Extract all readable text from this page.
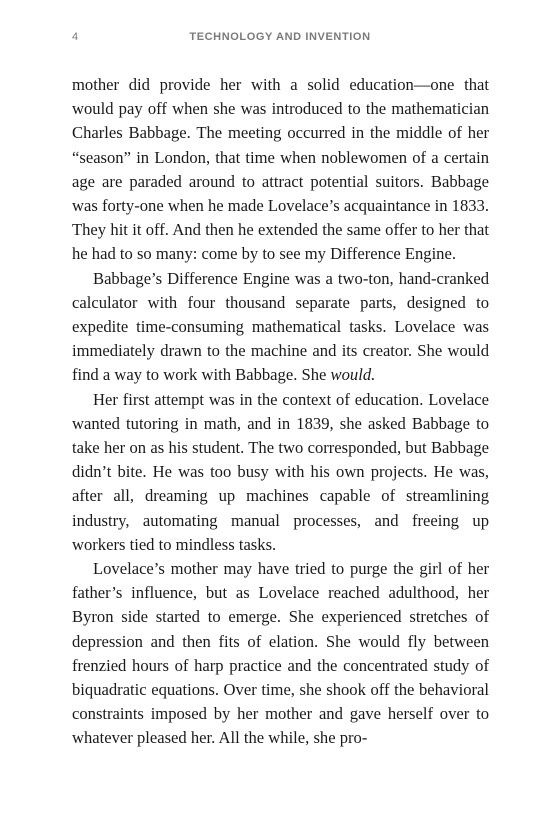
4	TECHNOLOGY AND INVENTION

mother did provide her with a solid education—one that would pay off when she was introduced to the mathematician Charles Babbage. The meeting occurred in the middle of her “season” in London, that time when noblewomen of a certain age are paraded around to attract potential suitors. Babbage was forty-one when he made Lovelace’s acquaintance in 1833. They hit it off. And then he extended the same offer to her that he had to so many: come by to see my Difference Engine.

Babbage’s Difference Engine was a two-ton, hand-cranked calculator with four thousand separate parts, designed to expedite time-consuming mathematical tasks. Lovelace was immediately drawn to the machine and its creator. She would find a way to work with Babbage. She would.

Her first attempt was in the context of education. Lovelace wanted tutoring in math, and in 1839, she asked Babbage to take her on as his student. The two corresponded, but Babbage didn’t bite. He was too busy with his own projects. He was, after all, dreaming up machines capable of streamlining industry, automating manual processes, and freeing up workers tied to mindless tasks.

Lovelace’s mother may have tried to purge the girl of her father’s influence, but as Lovelace reached adulthood, her Byron side started to emerge. She experienced stretches of depression and then fits of elation. She would fly between frenzied hours of harp practice and the concentrated study of biquadratic equations. Over time, she shook off the behavioral constraints imposed by her mother and gave herself over to whatever pleased her. All the while, she pro-
